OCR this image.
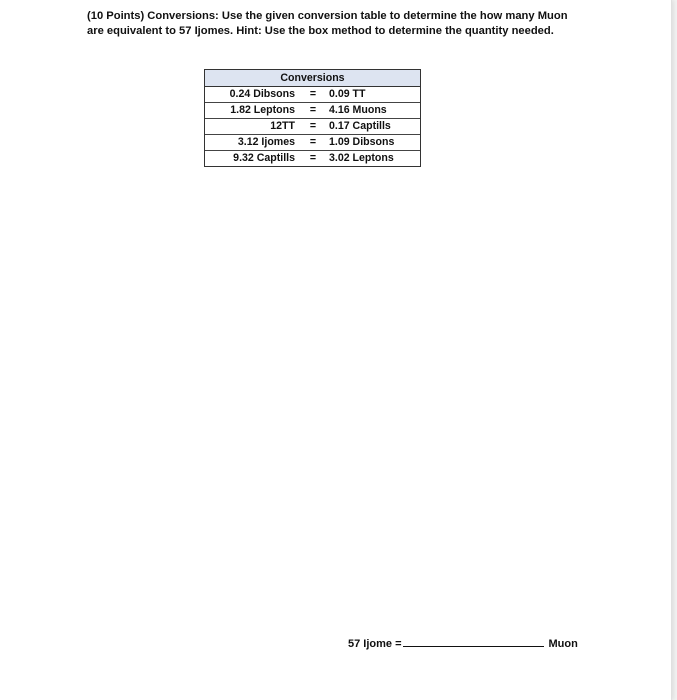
(10 Points) Conversions: Use the given conversion table to determine the how many Muon
are equivalent to 57 Ijomes. Hint: Use the box method to determine the quantity needed.
Conversions		
0.24 Dibsons	=	0.09 TT
1.82 Leptons	=	4.16 Muons
12TT	=	0.17 Captills
3.12 Ijomes	=	1.09 Dibsons
9.32 Captills	=	3.02 Leptons
57 Ijome =	Muon
